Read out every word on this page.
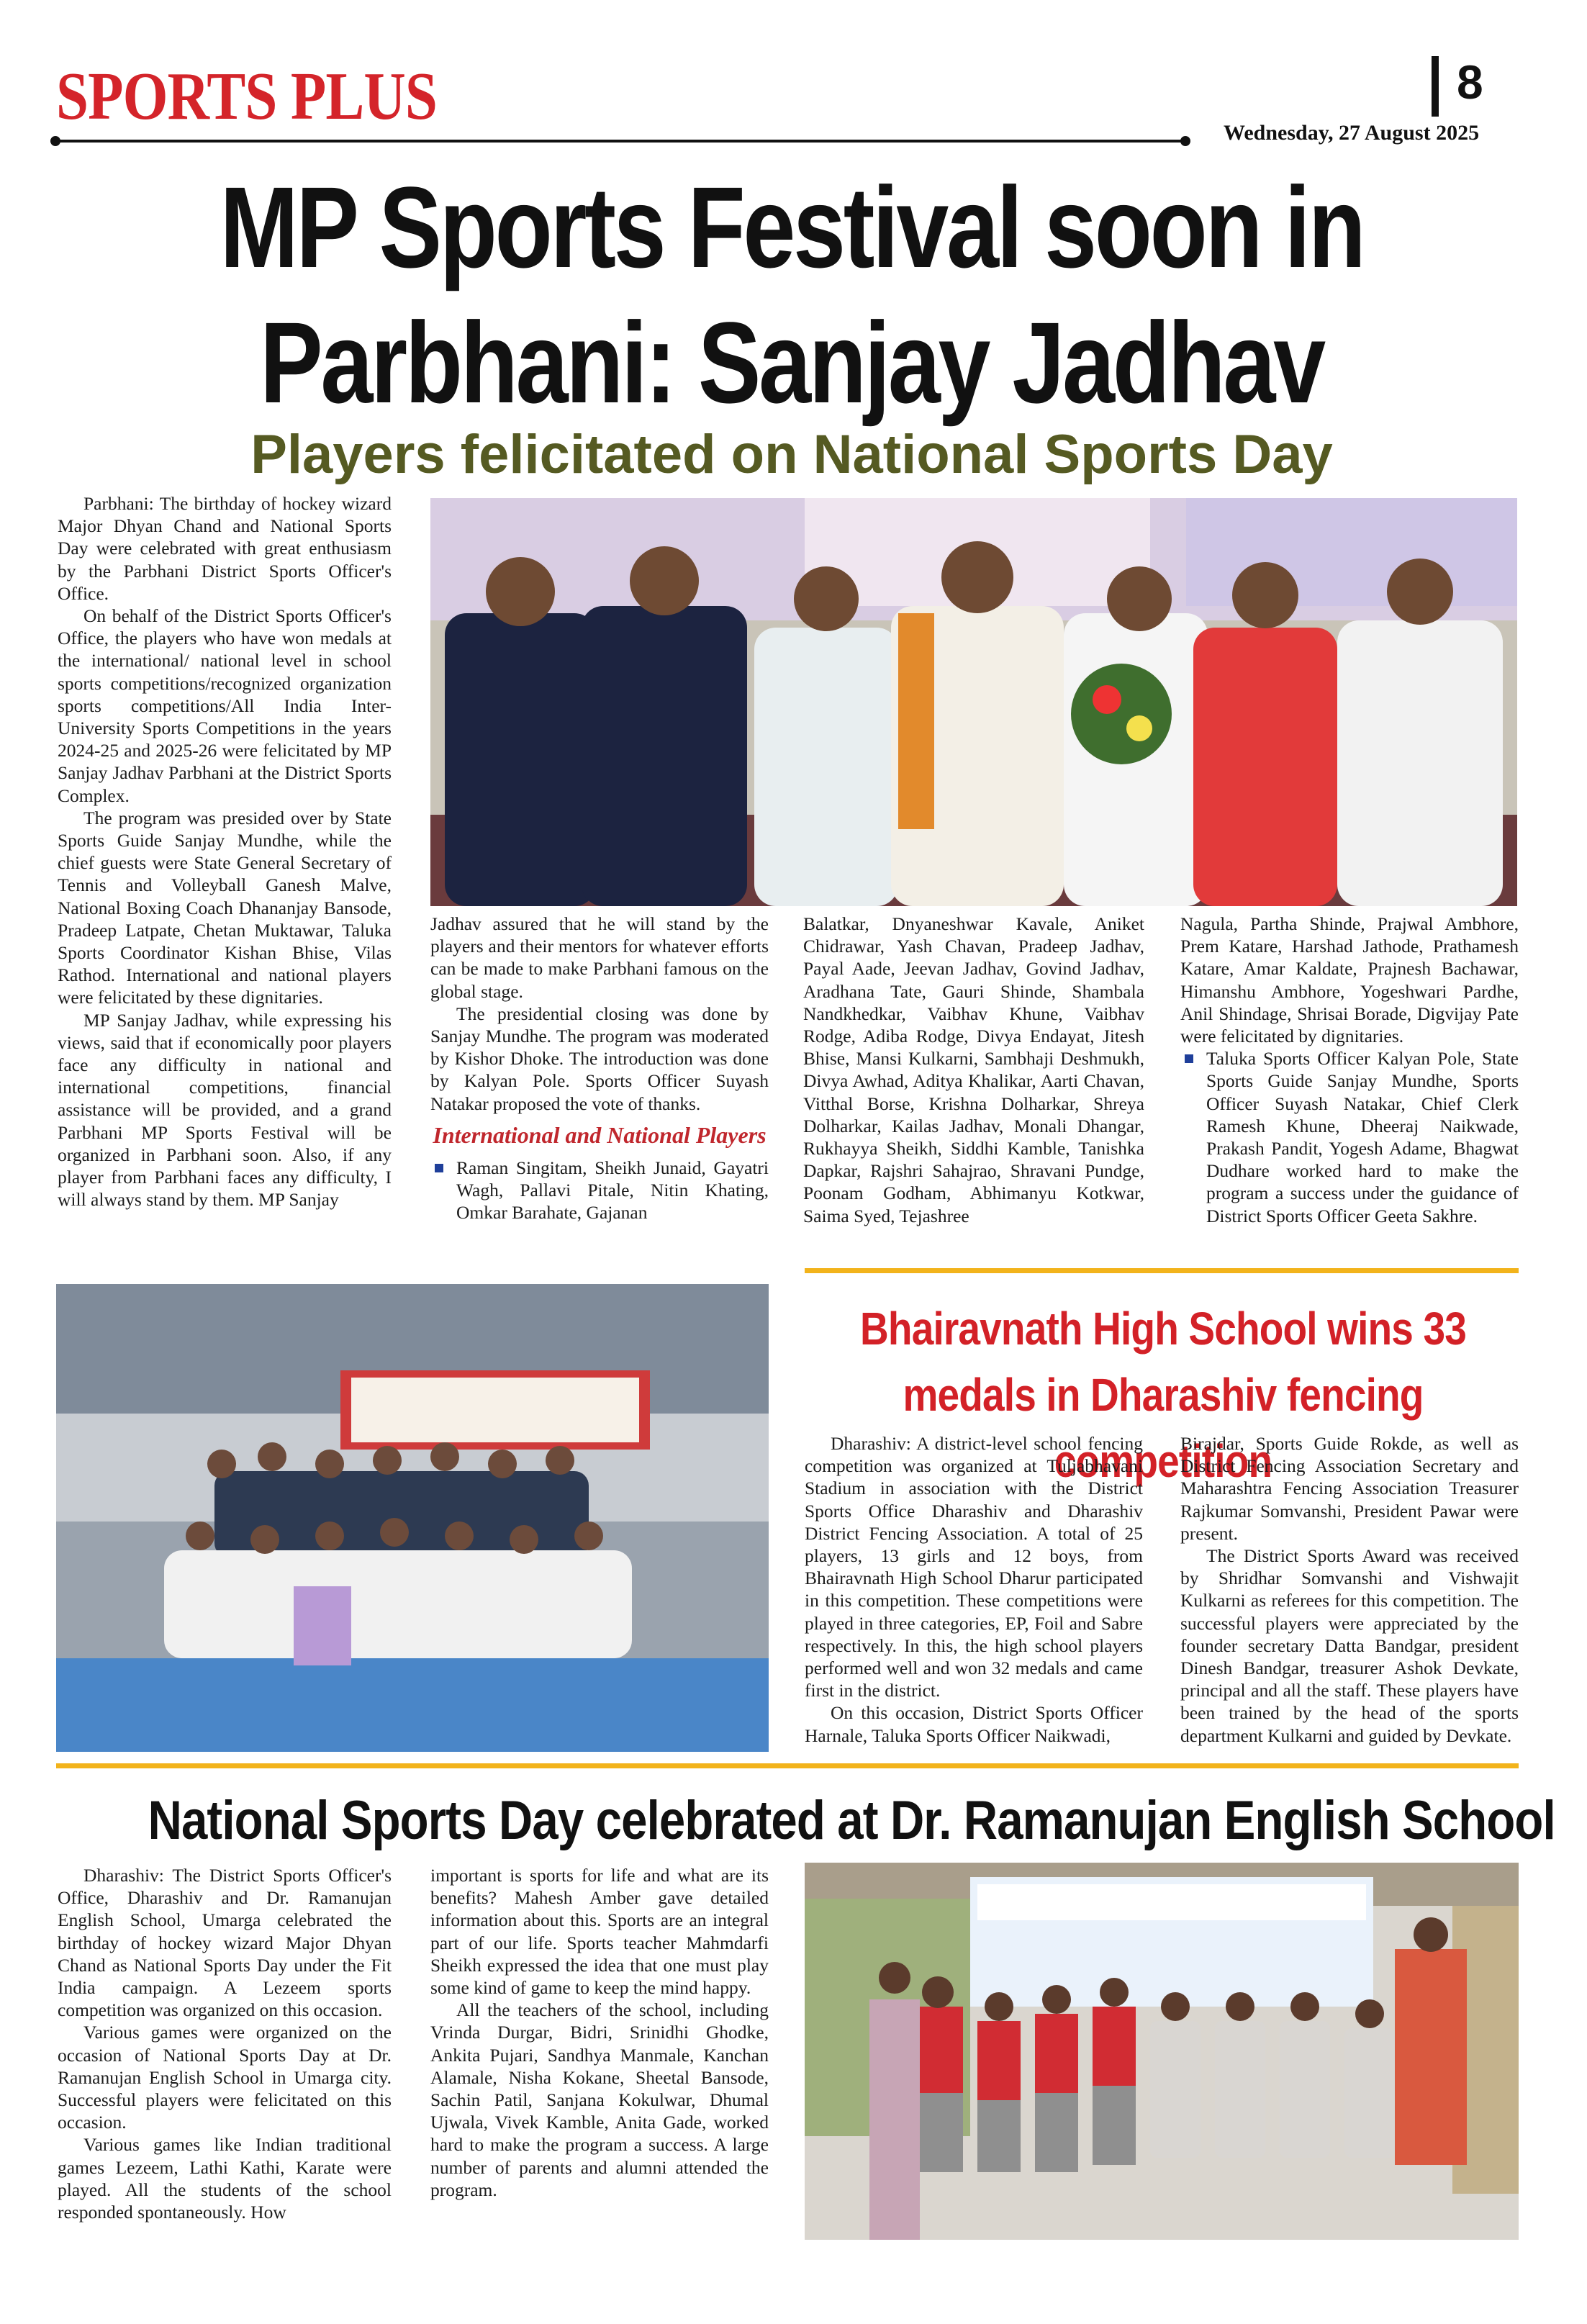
SPORTS PLUS	8
Wednesday, 27 August 2025
MP Sports Festival soon in Parbhani: Sanjay Jadhav
Players felicitated on National Sports Day

Parbhani: The birthday of hockey wizard Major Dhyan Chand and National Sports Day were celebrated with great enthusiasm by the Parbhani District Sports Officer's Office.

On behalf of the District Sports Officer's Office, the players who have won medals at the international/ national level in school sports competitions/recognized organization sports competitions/All India Inter-University Sports Competitions in the years 2024-25 and 2025-26 were felicitated by MP Sanjay Jadhav Parbhani at the District Sports Complex.

The program was presided over by State Sports Guide Sanjay Mundhe, while the chief guests were State General Secretary of Tennis and Volleyball Ganesh Malve, National Boxing Coach Dhananjay Bansode, Pradeep Latpate, Chetan Muktawar, Taluka Sports Coordinator Kishan Bhise, Vilas Rathod. International and national players were felicitated by these dignitaries.

MP Sanjay Jadhav, while expressing his views, said that if economically poor players face any difficulty in national and international competitions, financial assistance will be provided, and a grand Parbhani MP Sports Festival will be organized in Parbhani soon. Also, if any player from Parbhani faces any difficulty, I will always stand by them. MP Sanjay

Jadhav assured that he will stand by the players and their mentors for whatever efforts can be made to make Parbhani famous on the global stage.

The presidential closing was done by Sanjay Mundhe. The program was moderated by Kishor Dhoke. The introduction was done by Kalyan Pole. Sports Officer Suyash Natakar proposed the vote of thanks.

International and National Players

Raman Singitam, Sheikh Junaid, Gayatri Wagh, Pallavi Pitale, Nitin Khating, Omkar Barahate, Gajanan

Balatkar, Dnyaneshwar Kavale, Aniket Chidrawar, Yash Chavan, Pradeep Jadhav, Payal Aade, Jeevan Jadhav, Govind Jadhav, Aradhana Tate, Gauri Shinde, Shambala Nandkhedkar, Vaibhav Khune, Vaibhav Rodge, Adiba Rodge, Divya Endayat, Jitesh Bhise, Mansi Kulkarni, Sambhaji Deshmukh, Divya Awhad, Aditya Khalikar, Aarti Chavan, Vitthal Borse, Krishna Dolharkar, Shreya Dolharkar, Kailas Jadhav, Monali Dhangar, Rukhayya Sheikh, Siddhi Kamble, Tanishka Dapkar, Rajshri Sahajrao, Shravani Pundge, Poonam Godham, Abhimanyu Kotkwar, Saima Syed, Tejashree

Nagula, Partha Shinde, Prajwal Ambhore, Prem Katare, Harshad Jathode, Prathamesh Katare, Amar Kaldate, Prajnesh Bachawar, Himanshu Ambhore, Yogeshwari Pardhe, Anil Shindage, Shrisai Borade, Digvijay Pate were felicitated by dignitaries.

Taluka Sports Officer Kalyan Pole, State Sports Guide Sanjay Mundhe, Sports Officer Suyash Natakar, Chief Clerk Ramesh Khune, Dheeraj Naikwade, Prakash Pandit, Yogesh Adame, Bhagwat Dudhare worked hard to make the program a success under the guidance of District Sports Officer Geeta Sakhre.

Bhairavnath High School wins 33 medals in Dharashiv fencing competition

Dharashiv: A district-level school fencing competition was organized at Tuljabhavani Stadium in association with the District Sports Office Dharashiv and Dharashiv District Fencing Association. A total of 25 players, 13 girls and 12 boys, from Bhairavnath High School Dharur participated in this competition. These competitions were played in three categories, EP, Foil and Sabre respectively. In this, the high school players performed well and won 32 medals and came first in the district.

On this occasion, District Sports Officer Harnale, Taluka Sports Officer Naikwadi,

Birajdar, Sports Guide Rokde, as well as District Fencing Association Secretary and Maharashtra Fencing Association Treasurer Rajkumar Somvanshi, President Pawar were present.

The District Sports Award was received by Shridhar Somvanshi and Vishwajit Kulkarni as referees for this competition. The successful players were appreciated by the founder secretary Datta Bandgar, president Dinesh Bandgar, treasurer Ashok Devkate, principal and all the staff. These players have been trained by the head of the sports department Kulkarni and guided by Devkate.

National Sports Day celebrated at Dr. Ramanujan English School

Dharashiv: The District Sports Officer's Office, Dharashiv and Dr. Ramanujan English School, Umarga celebrated the birthday of hockey wizard Major Dhyan Chand as National Sports Day under the Fit India campaign. A Lezeem sports competition was organized on this occasion.

Various games were organized on the occasion of National Sports Day at Dr. Ramanujan English School in Umarga city. Successful players were felicitated on this occasion.

Various games like Indian traditional games Lezeem, Lathi Kathi, Karate were played. All the students of the school responded spontaneously. How

important is sports for life and what are its benefits? Mahesh Amber gave detailed information about this. Sports are an integral part of our life. Sports teacher Mahmdarfi Sheikh expressed the idea that one must play some kind of game to keep the mind happy.

All the teachers of the school, including Vrinda Durgar, Bidri, Srinidhi Ghodke, Ankita Pujari, Sandhya Manmale, Kanchan Alamale, Nisha Kokane, Sheetal Bansode, Sachin Patil, Sanjana Kokulwar, Dhumal Ujwala, Vivek Kamble, Anita Gade, worked hard to make the program a success. A large number of parents and alumni attended the program.
